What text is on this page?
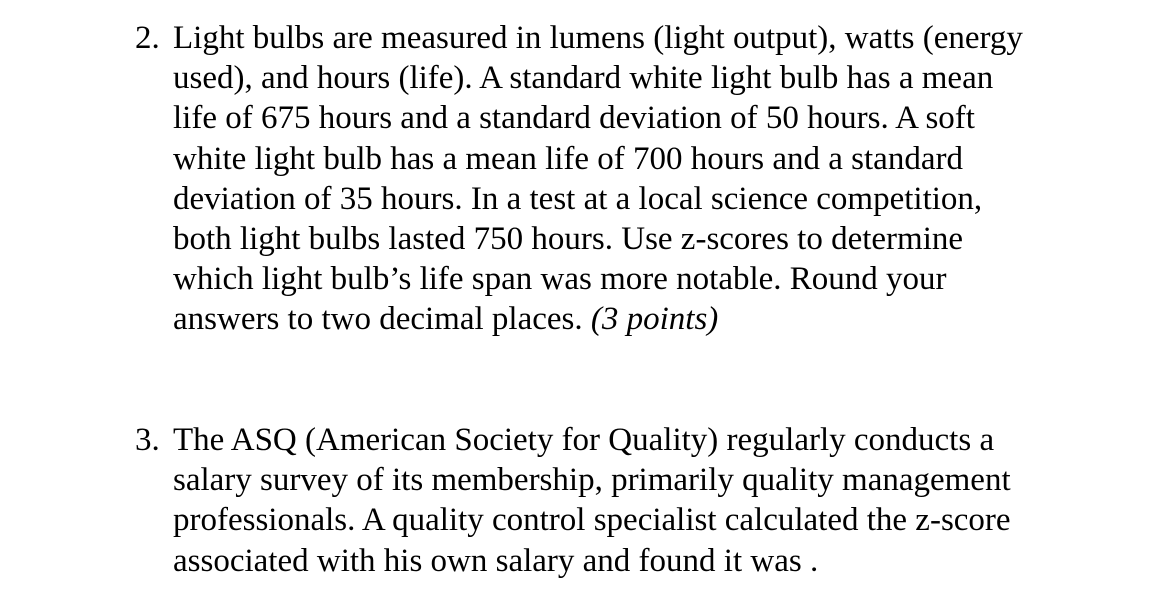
2. Light bulbs are measured in lumens (light output), watts (energy
used), and hours (life). A standard white light bulb has a mean
life of 675 hours and a standard deviation of 50 hours. A soft
white light bulb has a mean life of 700 hours and a standard
deviation of 35 hours. In a test at a local science competition,
both light bulbs lasted 750 hours. Use z-scores to determine
which light bulb’s life span was more notable. Round your
answers to two decimal places. (3 points)
3. The ASQ (American Society for Quality) regularly conducts a
salary survey of its membership, primarily quality management
professionals. A quality control specialist calculated the z-score
associated with his own salary and found it was .
